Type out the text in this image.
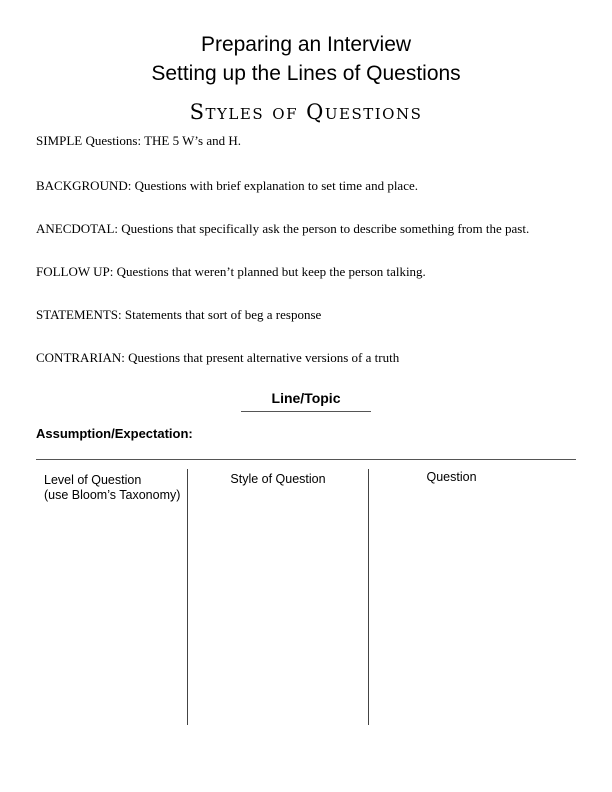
Preparing an Interview
Setting up the Lines of Questions
Styles of Questions
SIMPLE Questions: THE 5 W’s and H.
BACKGROUND: Questions with brief explanation to set time and place.
ANECDOTAL: Questions that specifically ask the person to describe something from the past.
FOLLOW UP: Questions that weren’t planned but keep the person talking.
STATEMENTS: Statements that sort of beg a response
CONTRARIAN: Questions that present alternative versions of a truth
Line/Topic
Assumption/Expectation:
Level of Question
(use Bloom’s Taxonomy)
Style of Question	Question
